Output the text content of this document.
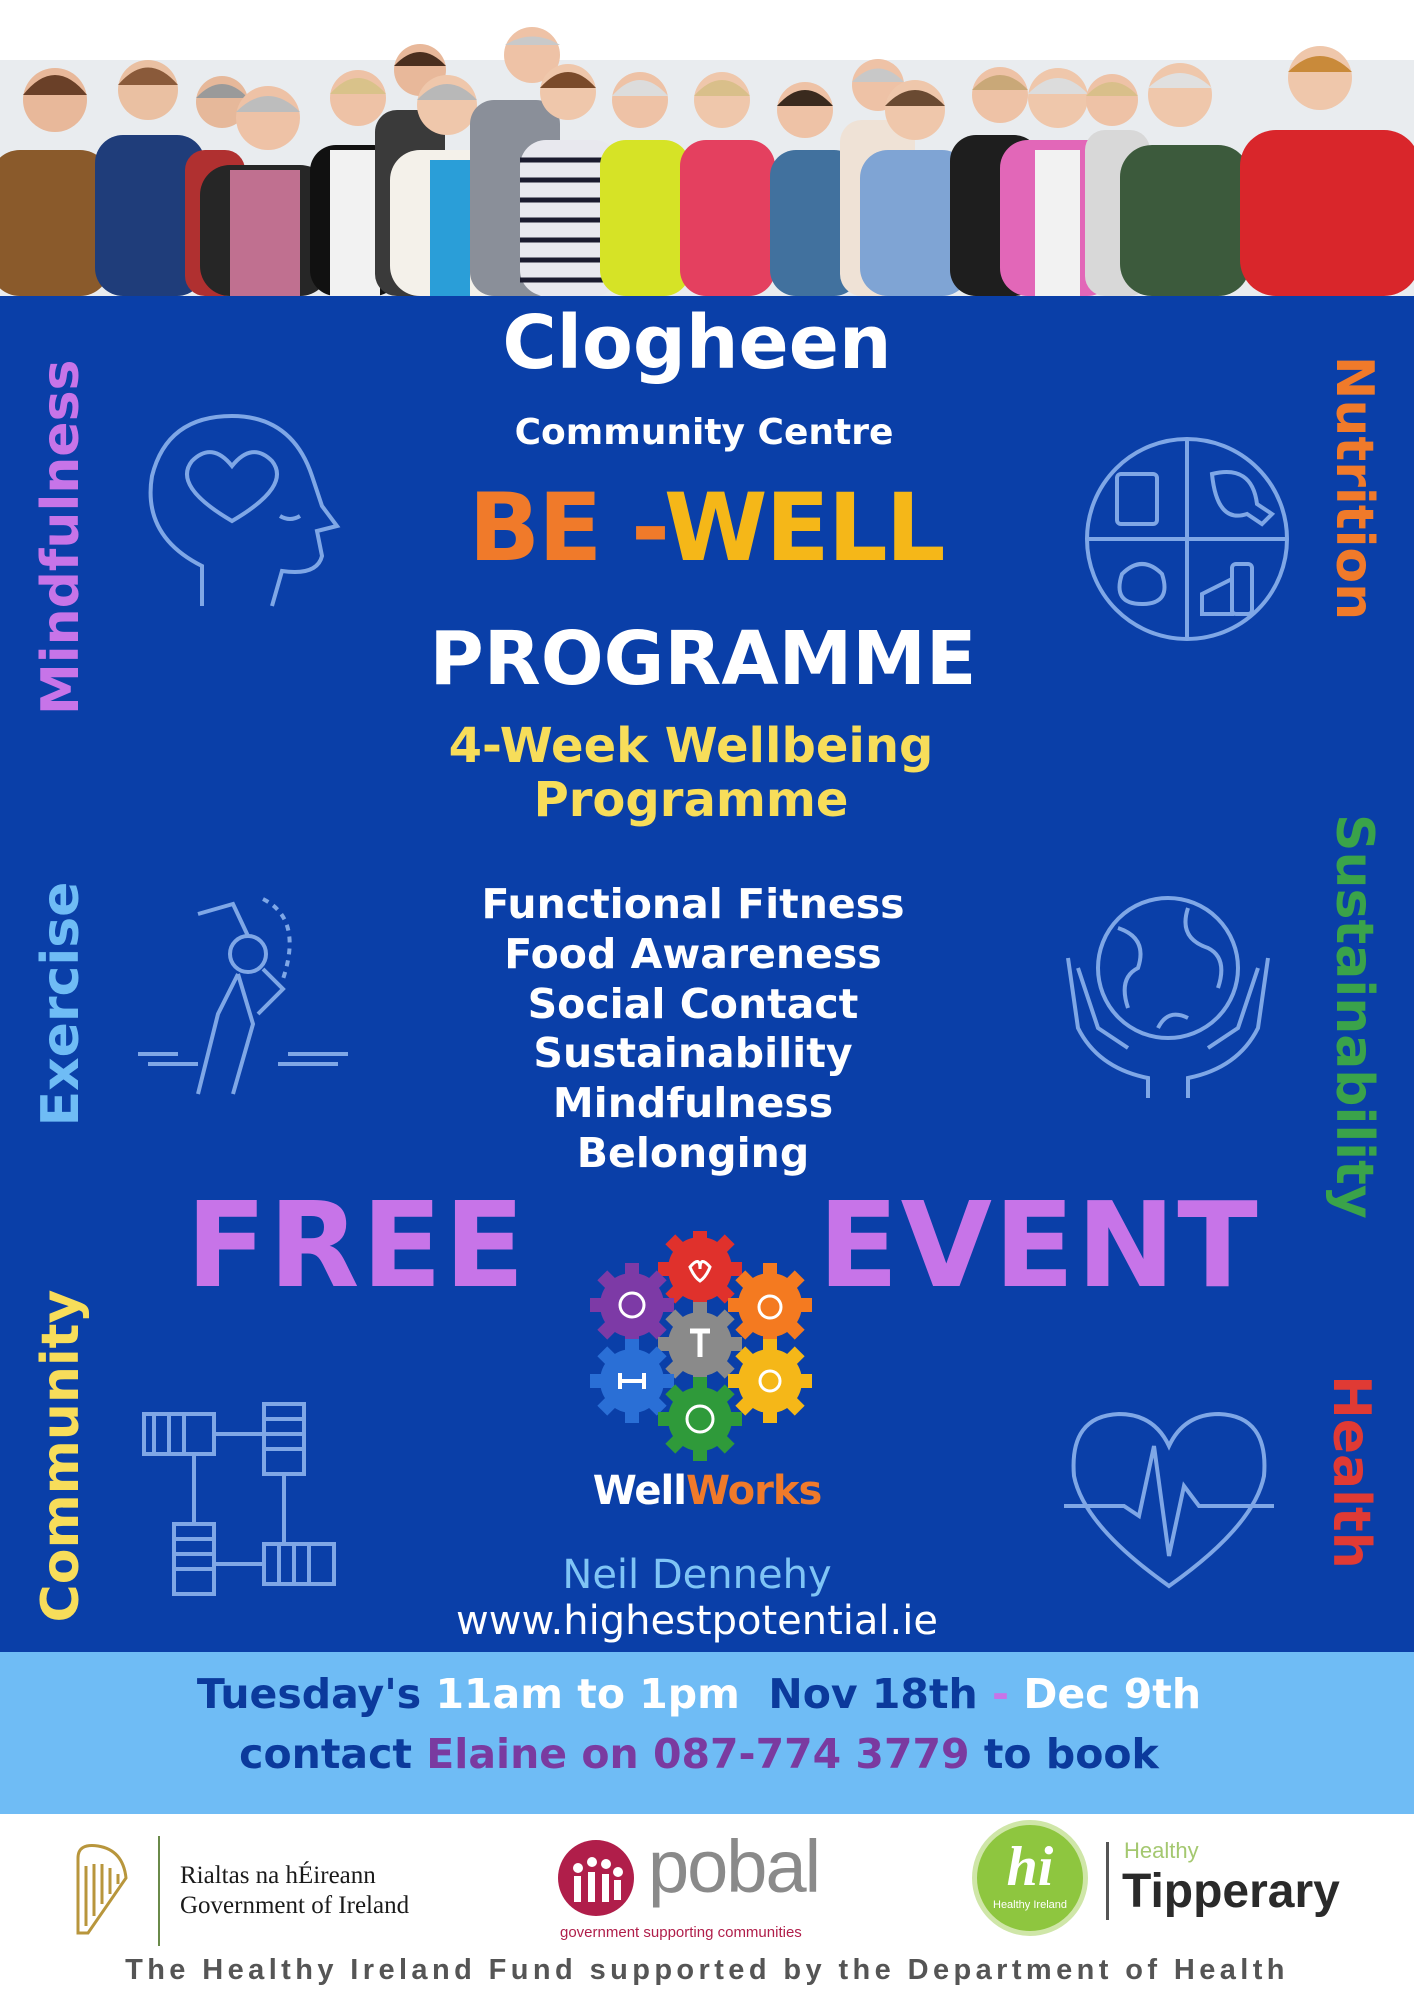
Clogheen
Community Centre
BE -WELL
PROGRAMME
4-Week Wellbeing
Programme
Functional Fitness
Food Awareness
Social Contact
Sustainability
Mindfulness
Belonging
FREE EVENT
WellWorks
Neil Dennehy
www.highestpotential.ie
Mindfulness	Nutrition
Exercise	Sustainability
Community	Health
Tuesday's 11am to 1pm Nov 18th - Dec 9th
contact Elaine on 087-774 3779 to book
Rialtas na hÉireann
Government of Ireland	pobal
government supporting communities
hi
Healthy Ireland
Healthy
Tipperary
The Healthy Ireland Fund supported by the Department of Health
